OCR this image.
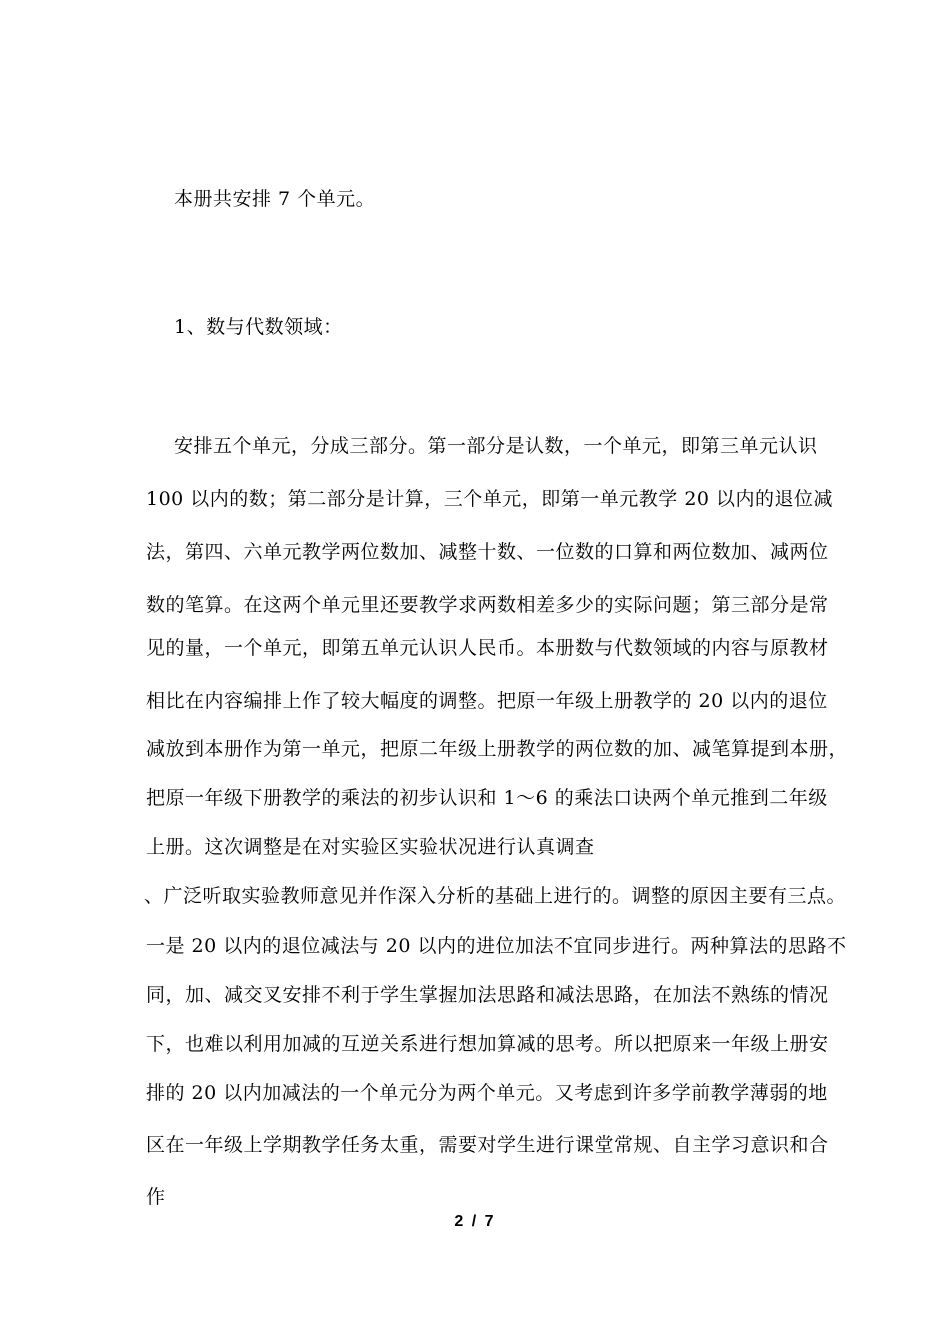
本册共安排 7 个单元。
1、数与代数领域：
安排五个单元，分成三部分。第一部分是认数，一个单元，即第三单元认识
100 以内的数；第二部分是计算，三个单元，即第一单元教学 20 以内的退位减
法，第四、六单元教学两位数加、减整十数、一位数的口算和两位数加、减两位
数的笔算。在这两个单元里还要教学求两数相差多少的实际问题；第三部分是常
见的量，一个单元，即第五单元认识人民币。本册数与代数领域的内容与原教材
相比在内容编排上作了较大幅度的调整。把原一年级上册教学的 20 以内的退位
减放到本册作为第一单元，把原二年级上册教学的两位数的加、减笔算提到本册，
把原一年级下册教学的乘法的初步认识和 1～6 的乘法口诀两个单元推到二年级
上册。这次调整是在对实验区实验状况进行认真调查
、广泛听取实验教师意见并作深入分析的基础上进行的。调整的原因主要有三点。
一是 20 以内的退位减法与 20 以内的进位加法不宜同步进行。两种算法的思路不
同，加、减交叉安排不利于学生掌握加法思路和减法思路，在加法不熟练的情况
下，也难以利用加减的互逆关系进行想加算减的思考。所以把原来一年级上册安
排的 20 以内加减法的一个单元分为两个单元。又考虑到许多学前教学薄弱的地
区在一年级上学期教学任务太重，需要对学生进行课堂常规、自主学习意识和合
作
2 / 7
